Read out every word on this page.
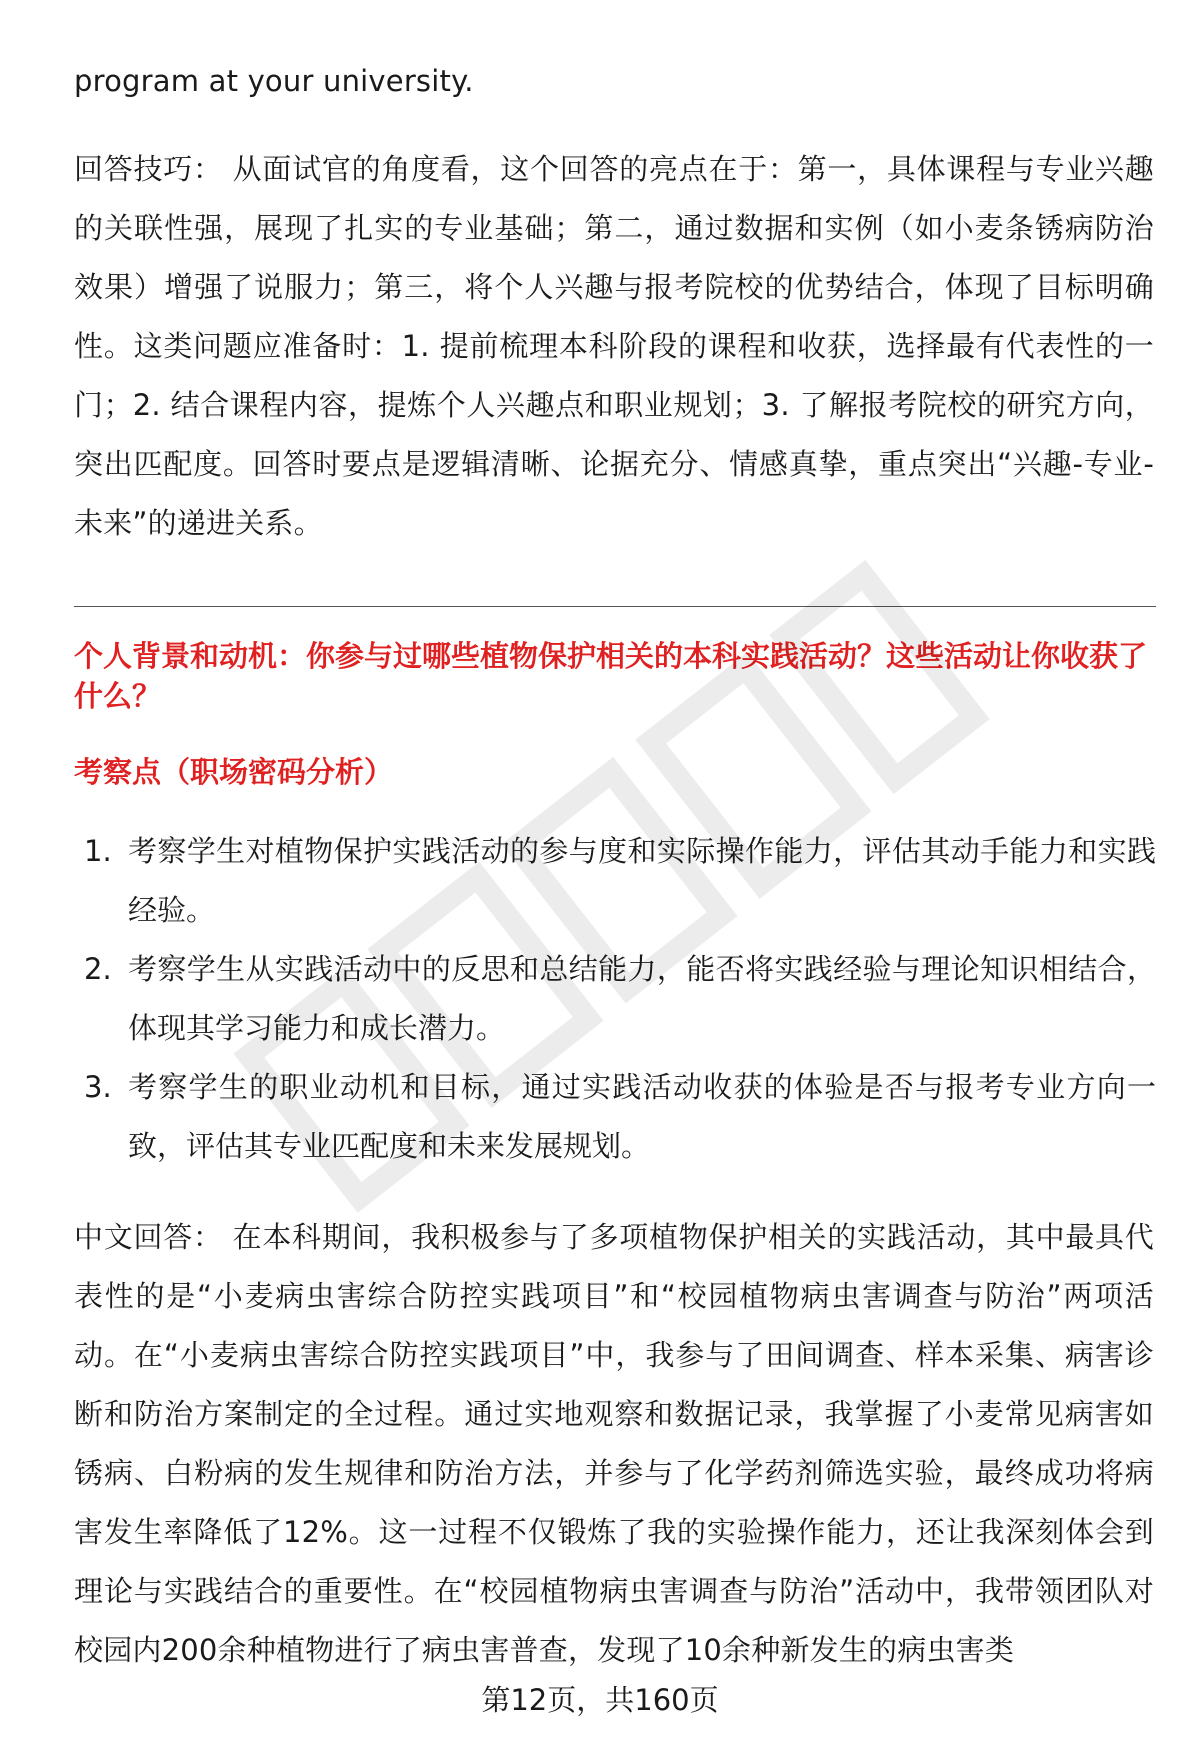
program at your university.

回答技巧： 从面试官的角度看，这个回答的亮点在于：第一，具体课程与专业兴趣的关联性强，展现了扎实的专业基础；第二，通过数据和实例（如小麦条锈病防治效果）增强了说服力；第三，将个人兴趣与报考院校的优势结合，体现了目标明确性。这类问题应准备时：1. 提前梳理本科阶段的课程和收获，选择最有代表性的一门；2. 结合课程内容，提炼个人兴趣点和职业规划；3. 了解报考院校的研究方向，突出匹配度。回答时要点是逻辑清晰、论据充分、情感真挚，重点突出“兴趣-专业-未来”的递进关系。

个人背景和动机：你参与过哪些植物保护相关的本科实践活动？这些活动让你收获了什么？

考察点（职场密码分析）

1. 考察学生对植物保护实践活动的参与度和实际操作能力，评估其动手能力和实践经验。
2. 考察学生从实践活动中的反思和总结能力，能否将实践经验与理论知识相结合，体现其学习能力和成长潜力。
3. 考察学生的职业动机和目标，通过实践活动收获的体验是否与报考专业方向一致，评估其专业匹配度和未来发展规划。

中文回答： 在本科期间，我积极参与了多项植物保护相关的实践活动，其中最具代表性的是“小麦病虫害综合防控实践项目”和“校园植物病虫害调查与防治”两项活动。在“小麦病虫害综合防控实践项目”中，我参与了田间调查、样本采集、病害诊断和防治方案制定的全过程。通过实地观察和数据记录，我掌握了小麦常见病害如锈病、白粉病的发生规律和防治方法，并参与了化学药剂筛选实验，最终成功将病害发生率降低了12%。这一过程不仅锻炼了我的实验操作能力，还让我深刻体会到理论与实践结合的重要性。在“校园植物病虫害调查与防治”活动中，我带领团队对校园内200余种植物进行了病虫害普查，发现了10余种新发生的病虫害类

第12页，共160页
